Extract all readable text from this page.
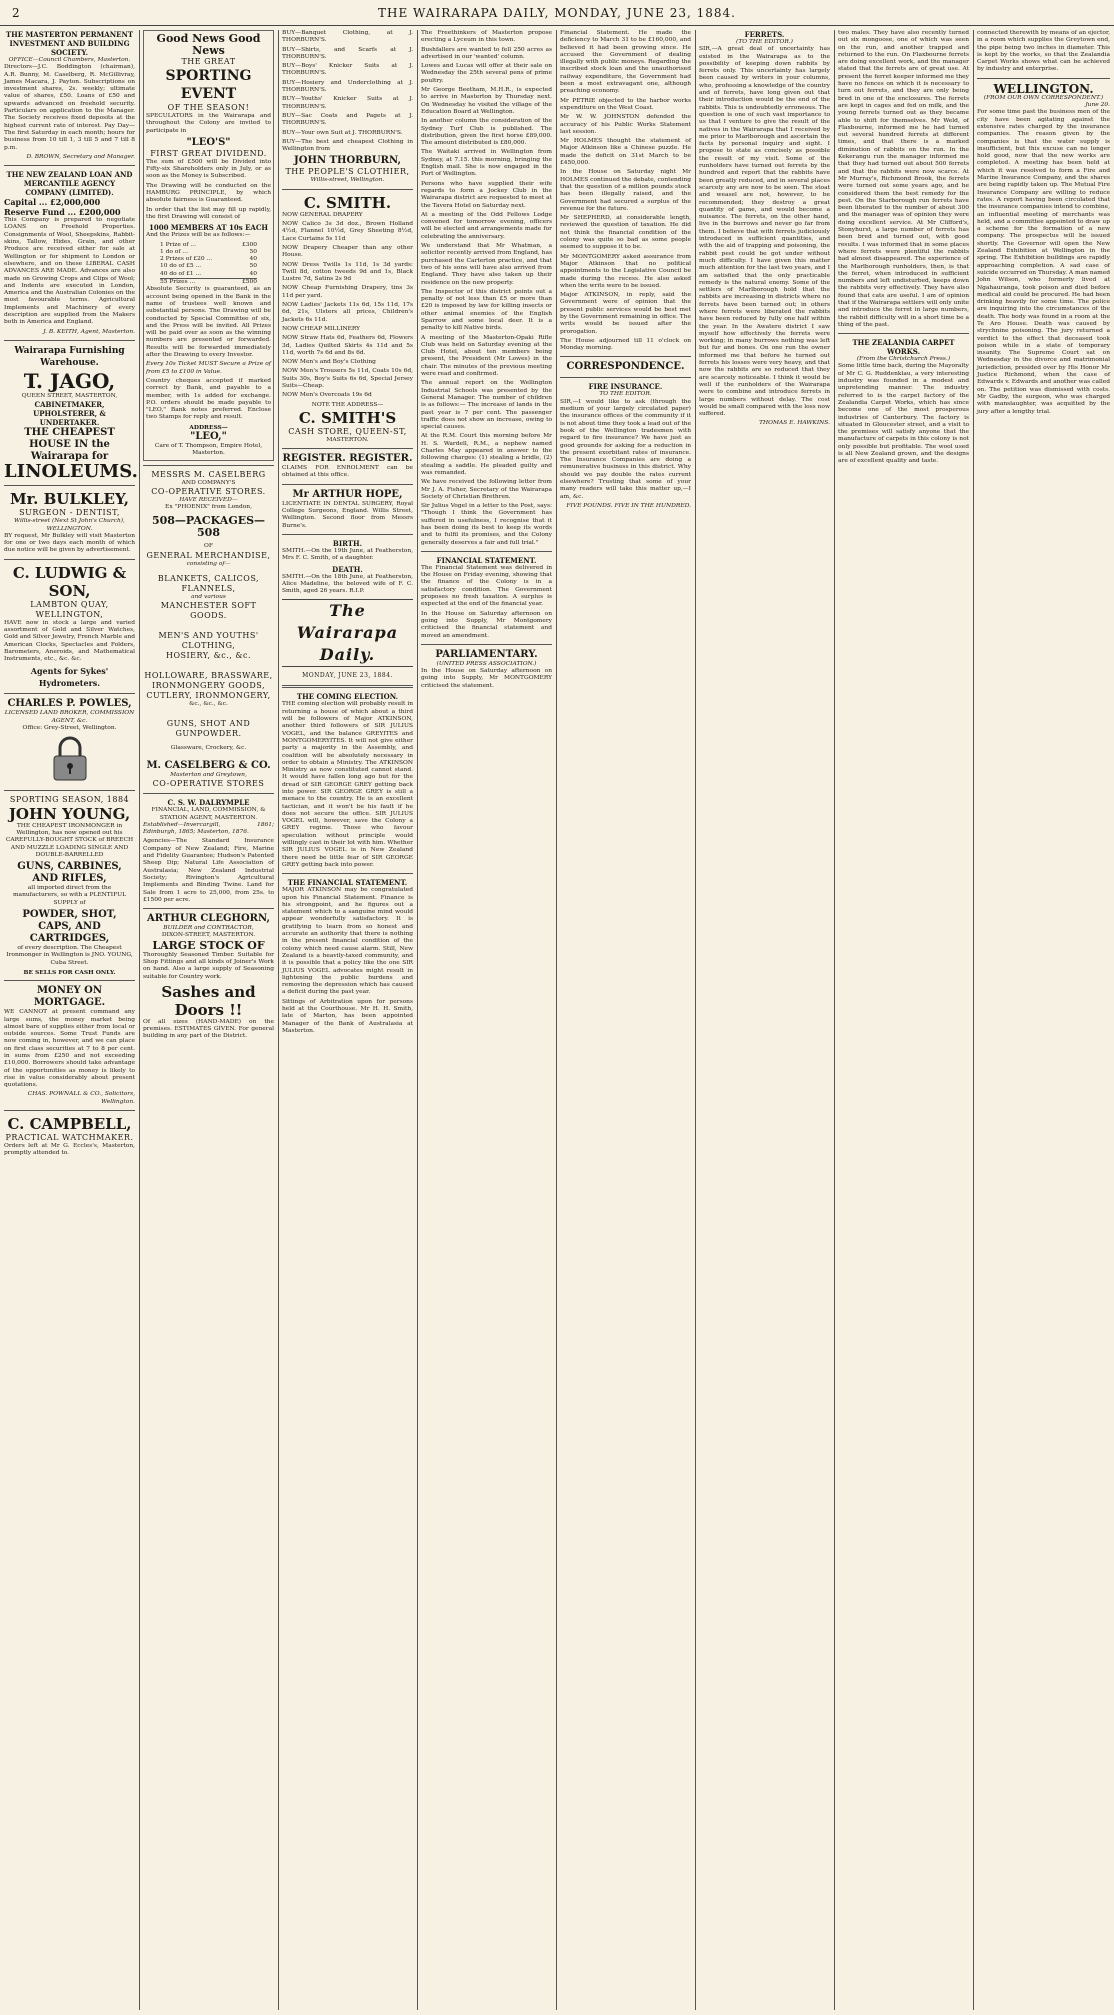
2	THE WAIRARAPA DAILY, MONDAY, JUNE 23, 1884.
THE MASTERTON PERMANENT INVESTMENT AND BUILDING SOCIETY.
OFFICE—Council Chambers, Masterton.

Directors—J.C. Boddington (chairman), A.R. Bunny, M. Caselberg, R. McGillivray, James Macara, J. Payton. Subscriptions on investment shares, 2s. weekly; ultimate value of shares, £50. Loans of £50 and upwards advanced on freehold security. Particulars on application to the Manager. The Society receives fixed deposits at the highest current rate of interest. Pay Day—The first Saturday in each month; hours for business from 10 till 1, 3 till 5 and 7 till 8 p.m.

D. BROWN, Secretary and Manager.
THE NEW ZEALAND LOAN AND MERCANTILE AGENCY COMPANY (LIMITED).
Capital ... £2,000,000
Reserve Fund ... £200,000

This Company is prepared to negotiate LOANS on Freehold Properties. Consignments of Wool, Sheepskins, Rabbit-skins, Tallow, Hides, Grain, and other Produce are received either for sale at Wellington or for shipment to London or elsewhere, and on these LIBERAL CASH ADVANCES ARE MADE. Advances are also made on Growing Crops and Clips of Wool; and Indents are executed in London, America and the Australian Colonies on the most favourable terms. Agricultural Implements and Machinery of every description are supplied from the Makers both in America and England.

J. B. KEITH, Agent, Masterton.
Wairarapa Furnishing Warehouse.
T. JAGO,
QUEEN STREET, MASTERTON,
CABINETMAKER, UPHOLSTERER, & UNDERTAKER.
THE CHEAPEST HOUSE IN the Wairarapa for
LINOLEUMS.
Mr. BULKLEY,
SURGEON - DENTIST,
Willis-street (Next St John's Church), WELLINGTON.

BY request, Mr Bulkley will visit Masterton for one or two days each month of which due notice will be given by advertisement.

C. LUDWIG & SON,
LAMBTON QUAY, WELLINGTON,

HAVE now in stock a large and varied assortment of Gold and Silver Watches, Gold and Silver Jewelry, French Marble and American Clocks, Spectacles and Folders, Barometers, Aneroids, and Mathematical Instruments, etc., &c. &c.

Agents for Sykes' Hydrometers.
CHARLES P. POWLES,
LICENSED LAND BROKER, COMMISSION AGENT, &c.
Office: Grey-Street, Wellington.
SPORTING SEASON, 1884
JOHN YOUNG,

THE CHEAPEST IRONMONGER in Wellington, has now opened out his CAREFULLY-BOUGHT STOCK of BREECH AND MUZZLE LOADING SINGLE AND DOUBLE-BARRELLED

GUNS, CARBINES, AND RIFLES,

all imported direct from the manufacturers, so with a PLENTIFUL SUPPLY of

POWDER, SHOT, CAPS, AND CARTRIDGES,

of every description. The Cheapest Ironmonger in Wellington is JNO. YOUNG, Cuba Street.

BE SELLS FOR CASH ONLY.
MONEY ON MORTGAGE.

WE CANNOT at present command any large sums, the money market being almost bare of supplies either from local or outside sources. Some Trust Funds are now coming in, however, and we can place on first class securities at 7 to 8 per cent. in sums from £250 and not exceeding £10,000. Borrowers should take advantage of the opportunities as money is likely to rise in value considerably about present quotations.

CHAS. POWNALL & CO., Solicitors, Wellington.
C. CAMPBELL,
PRACTICAL WATCHMAKER.

Orders left at Mr G. Eccles's, Masterton, promptly attended to.

Good News Good News
THE GREAT
SPORTING EVENT
OF THE SEASON!

SPECULATORS in the Wairarapa and throughout the Colony are invited to participate in

"LEO'S"
FIRST GREAT DIVIDEND.

The sum of £500 will be Divided into Fifty-six Shareholders only in July, or as soon as the Money is Subscribed.

The Drawing will be conducted on the HAMBURG PRINCIPLE, by which absolute fairness is Guaranteed.

In order that the list may fill up rapidly, the first Drawing will consist of

1000 MEMBERS AT 10s EACH

And the Prizes will be as follows:—

1 Prize of ...	£300
1 do of ...	50
2 Prizes of £20 ...	40
10 do of £5 ...	50
40 do of £1 ...	40
55 Prizes ...	£500

Absolute Security is guaranteed, as an account being opened in the Bank in the name of trustees well known and substantial persons. The Drawing will be conducted by Special Committee of six, and the Press will be invited. All Prizes will be paid over as soon as the winning numbers are presented or forwarded. Results will be forwarded immediately after the Drawing to every Investor.

Every 10s Ticket MUST Secure a Prize of from £5 to £100 in Value.

Country cheques accepted if marked correct by Bank, and payable to a member, with 1s added for exchange. P.O. orders should be made payable to "LEO," Bank notes preferred. Enclose two Stamps for reply and result.

ADDRESS—
"LEO,"
Care of T. Thompson, Empire Hotel, Masterton.
MESSRS M. CASELBERG
AND COMPANY'S
CO-OPERATIVE STORES.
HAVE RECEIVED—
Ex "PHOENIX" from London,
508—PACKAGES—508
OF
GENERAL MERCHANDISE,
consisting of—
BLANKETS, CALICOS, FLANNELS,
and various
MANCHESTER SOFT GOODS.
MEN'S AND YOUTHS' CLOTHING,
HOSIERY, &c., &c.
HOLLOWARE, BRASSWARE,
IRONMONGERY GOODS,
CUTLERY, IRONMONGERY,
&c., &c., &c.
GUNS, SHOT AND GUNPOWDER.
Glassware, Crockery, &c.
M. CASELBERG & CO.
Masterton and Greytown,
CO-OPERATIVE STORES
C. S. W. DALRYMPLE
FINANCIAL, LAND, COMMISSION, & STATION AGENT, MASTERTON.

Established—Invercargill, 1861; Edinburgh, 1865; Masterton, 1876.

Agencies—The Standard Insurance Company of New Zealand; Fire, Marine and Fidelity Guarantee; Hudson's Patented Sheep Dip; Natural Life Association of Australasia; New Zealand Industrial Society; Rivington's Agricultural Implements and Binding Twine. Land for Sale from 1 acre to 25,000, from 25s. to £1500 per acre.

ARTHUR CLEGHORN,
BUILDER and CONTRACTOR,
DIXON-STREET, MASTERTON.
LARGE STOCK OF

Thoroughly Seasoned Timber. Suitable for Shop Fittings and all kinds of Joiner's Work on hand. Also a large supply of Seasoning suitable for Country work.

Sashes and Doors !!

Of all sizes (HAND-MADE) on the premises. ESTIMATES GIVEN. For general building in any part of the District.

BUY—Banquet Clothing, at J. THORBURN'S.

BUY—Shirts, and Scarfs at J. THORBURN'S.

BUY—Boys' Knicker Suits at J. THORBURN'S.

BUY—Hosiery and Underclothing at J. THORBURN'S.

BUY—Youths' Knicker Suits at J. THORBURN'S.

BUY—Sac Coats and Pagets at J. THORBURN'S.

BUY—Your own Suit at J. THORBURN'S.

BUY—The best and cheapest Clothing in Wellington from

JOHN THORBURN,
THE PEOPLE'S CLOTHIER,
Willis-street, Wellington.
C. SMITH.

NOW GENERAL DRAPERY

NOW Calico 3s 3d doz., Brown Holland 4½d, Flannel 10½d, Grey Sheeting 8½d, Lace Curtains 5s 11d

NOW Drapery Cheaper than any other House.

NOW Dress Twills 1s 11d, 1s 3d yards: Twill 8d, cotton tweeds 9d and 1s, Black Lustre 7d, Satins 2s 9d

NOW Cheap Furnishing Drapery, tins 3s 11d per yard.

NOW Ladies' Jackets 11s 6d, 15s 11d, 17s 6d, 21s, Ulsters all prices, Children's Jackets 6s 11d.

NOW CHEAP MILLINERY

NOW Straw Hats 6d, Feathers 6d, Flowers 3d, Ladies Quilted Skirts 4s 11d and 5s 11d, worth 7s 6d and 8s 6d.

NOW Men's and Boy's Clothing

NOW Men's Trousers 5s 11d, Coats 10s 6d, Suits 30s, Boy's Suits 6s 6d, Special Jersey Suits—Cheap.

NOW Men's Overcoats 19s 6d

NOTE THE ADDRESS—
C. SMITH'S
CASH STORE, QUEEN-ST,
MASTERTON.
REGISTER. REGISTER.

CLAIMS FOR ENROLMENT can be obtained at this office.

Mr ARTHUR HOPE,

LICENTIATE IN DENTAL SURGERY, Royal College Surgeons, England. Willis Street, Wellington. Second floor from Messrs Burne's.

BIRTH.

SMITH.—On the 19th June, at Featherston, Mrs F. C. Smith, of a daughter.

DEATH.

SMITH.—On the 18th June, at Featherston, Alice Madeline, the beloved wife of F. C. Smith, aged 26 years. R.I.P.

The Wairarapa Daily.
MONDAY, JUNE 23, 1884.
THE COMING ELECTION.

THE coming election will probably result in returning a house of which about a third will be followers of Major ATKINSON, another third followers of SIR JULIUS VOGEL, and the balance GREYITES and MONTGOMERYITES. It will not give either party a majority in the Assembly, and coalition will be absolutely necessary in order to obtain a Ministry. The ATKINSON Ministry as now constituted cannot stand. It would have fallen long ago but for the dread of SIR GEORGE GREY getting back into power. SIR GEORGE GREY is still a menace to the country. He is an excellent tactician, and it won't be his fault if he does not secure the office. SIR JULIUS VOGEL will, however, save the Colony a GREY regime. Those who favour speculation without principle would willingly cast in their lot with him. Whether SIR JULIUS VOGEL is in New Zealand there need be little fear of SIR GEORGE GREY getting back into power.

THE FINANCIAL STATEMENT.

MAJOR ATKINSON may be congratulated upon his Financial Statement. Finance is his strongpoint, and he figures out a statement which to a sanguine mind would appear wonderfully satisfactory. It is gratifying to learn from so honest and accurate an authority that there is nothing in the present financial condition of the colony which need cause alarm. Still, New Zealand is a heavily-taxed community, and it is possible that a policy like the one SIR JULIUS VOGEL advocates might result in lightening the public burdens and removing the depression which has caused a deficit during the past year.

Sittings of Arbitration upon for persons held at the Courthouse. Mr H. H. Smith, late of Marton, has been appointed Manager of the Bank of Australasia at Masterton.

The Freethinkers of Masterton propose erecting a Lyceum in this town.

Bushfallers are wanted to fell 250 acres as advertised in our 'wanted' column.

Lowes and Lucas will offer at their sale on Wednesday the 25th several pens of prime poultry.

Mr George Beetham, M.H.R., is expected to arrive in Masterton by Thursday next. On Wednesday he visited the village of the Education Board at Wellington.

In another column the consideration of the Sydney Turf Club is published. The distribution, given the first horse £89,000. The amount distributed is £80,000.

The Waitaki arrived in Wellington from Sydney, at 7.15. this morning, bringing the English mail. She is now engaged in the Port of Wellington.

Persons who have supplied their wife regards to form a Jockey Club in the Wairarapa district are requested to meet at the Tavera Hotel on Saturday next.

At a meeting of the Odd Fellows Lodge convened for tomorrow evening, officers will be elected and arrangements made for celebrating the anniversary.

We understand that Mr Whatman, a solicitor recently arrived from England, has purchased the Carterton practice, and that two of his sons will have also arrived from England. They have also taken up their residence on the new property.

The Inspector of this district points out a penalty of not less than £5 or more than £20 is imposed by law for killing insects or other animal enemies of the English Sparrow and some local deer. It is a penalty to kill Native birds.

A meeting of the Masterton-Opaki Rifle Club was held on Saturday evening at the Club Hotel, about ten members being present, the President (Mr Lowes) in the chair. The minutes of the previous meeting were read and confirmed.

The annual report on the Wellington Industrial Schools was presented by the General Manager. The number of children is as follows:— The increase of lands in the past year is 7 per cent. The passenger traffic does not show an increase, owing to special causes.

At the R.M. Court this morning before Mr H. S. Wardell, R.M., a nephew named Charles May appeared in answer to the following charges: (1) stealing a bridle, (2) stealing a saddle. He pleaded guilty and was remanded.

We have received the following letter from Mr J. A. Fisher, Secretary of the Wairarapa Society of Christian Brethren.

Sir Julius Vogel in a letter to the Post, says: "Though I think the Government has suffered in usefulness, I recognise that it has been doing its best to keep its words and to fulfil its promises, and the Colony generally deserves a fair and full trial."

FINANCIAL STATEMENT.

The Financial Statement was delivered in the House on Friday evening, showing that the finance of the Colony is in a satisfactory condition. The Government proposes no fresh taxation. A surplus is expected at the end of the financial year.

In the House on Saturday afternoon on going into Supply, Mr Montgomery criticised the financial statement and moved an amendment.

PARLIAMENTARY.
(UNITED PRESS ASSOCIATION.)

In the House on Saturday afternoon on going into Supply, Mr MONTGOMERY criticised the statement.

Financial Statement. He made the deficiency to March 31 to be £160,000, and believed it had been growing since. He accused the Government of dealing illegally with public moneys. Regarding the inscribed stock loan and the unauthorised railway expenditure, the Government had been a most extravagant one, although preaching economy.

Mr PETRIE objected to the harbor works expenditure on the West Coast.

Mr W. W. JOHNSTON defended the accuracy of his Public Works Statement last session.

Mr HOLMES thought the statement of Major Atkinson like a Chinese puzzle. He made the deficit on 31st March to be £450,000.

In the House on Saturday night Mr HOLMES continued the debate, contending that the question of a million pounds stock has been illegally raised, and the Government had secured a surplus of the revenue for the future.

Mr SHEPHERD, at considerable length, reviewed the question of taxation. He did not think the financial condition of the colony was quite so bad as some people seemed to suppose it to be.

Mr MONTGOMERY asked assurance from Major Atkinson that no political appointments to the Legislative Council be made during the recess. He also asked when the writs were to be issued.

Major ATKINSON, in reply, said the Government were of opinion that the present public services would be best met by the Government remaining in office. The writs would be issued after the prorogation.

The House adjourned till 11 o'clock on Monday morning.

CORRESPONDENCE.
FIRE INSURANCE.
TO THE EDITOR.

SIR,—I would like to ask (through the medium of your largely circulated paper) the insurance offices of the community if it is not about time they took a lead out of the book of the Wellington tradesmen with regard to fire insurance? We have just as good grounds for asking for a reduction in the present exorbitant rates of insurance. The Insurance Companies are doing a remunerative business in this district. Why should we pay double the rates current elsewhere? Trusting that some of your many readers will take this matter up,—I am, &c.

FIVE POUNDS. FIVE IN THE HUNDRED.
FERRETS.
(TO THE EDITOR.)

SIR,—A great deal of uncertainty has existed in the Wairarapa as to the possibility of keeping down rabbits by ferrets only. This uncertainty has largely been caused by writers in your columns, who, professing a knowledge of the country and of ferrets, have long given out that their introduction would be the end of the rabbits. This is undoubtedly erroneous. The question is one of such vast importance to us that I venture to give the result of the natives in the Wairarapa that I received by me prior to Marlborough and ascertain the facts by personal inquiry and sight. I propose to state as concisely as possible the result of my visit. Some of the runholders have turned out ferrets by the hundred and report that the rabbits have been greatly reduced, and in several places scarcely any are now to be seen. The stoat and weasel are not, however, to be recommended; they destroy a great quantity of game, and would become a nuisance. The ferrets, on the other hand, live in the burrows and never go far from them. I believe that with ferrets judiciously introduced in sufficient quantities, and with the aid of trapping and poisoning, the rabbit pest could be got under without much difficulty. I have given this matter much attention for the last two years, and I am satisfied that the only practicable remedy is the natural enemy. Some of the settlers of Marlborough hold that the rabbits are increasing in districts where no ferrets have been turned out; in others where ferrets were liberated the rabbits have been reduced by fully one half within the year. In the Awatere district I saw myself how effectively the ferrets were working; in many burrows nothing was left but fur and bones. On one run the owner informed me that before he turned out ferrets his losses were very heavy, and that now the rabbits are so reduced that they are scarcely noticeable. I think it would be well if the runholders of the Wairarapa were to combine and introduce ferrets in large numbers without delay. The cost would be small compared with the loss now suffered.

THOMAS E. HAWKINS.

two males. They have also recently turned out six mongoose, one of which was seen on the run, and another trapped and returned to the run. On Flaxbourne ferrets are doing excellent work, and the manager stated that the ferrets are of great use. At present the ferret keeper informed me they have no fences on which it is necessary to turn out ferrets, and they are only being bred in one of the enclosures. The ferrets are kept in cages and fed on milk, and the young ferrets turned out as they became able to shift for themselves. Mr Weld, of Flaxbourne, informed me he had turned out several hundred ferrets at different times, and that there is a marked diminution of rabbits on the run. In the Kekerangu run the manager informed me that they had turned out about 500 ferrets and that the rabbits were now scarce. At Mr Murray's, Richmond Brook, the ferrets were turned out some years ago, and he considered them the best remedy for the pest. On the Starborough run ferrets have been liberated to the number of about 300 and the manager was of opinion they were doing excellent service. At Mr Clifford's, Stonyhurst, a large number of ferrets has been bred and turned out, with good results. I was informed that in some places where ferrets were plentiful the rabbits had almost disappeared. The experience of the Marlborough runholders, then, is that the ferret, when introduced in sufficient numbers and left undisturbed, keeps down the rabbits very effectively. They have also found that cats are useful. I am of opinion that if the Wairarapa settlers will only unite and introduce the ferret in large numbers, the rabbit difficulty will in a short time be a thing of the past.

THE ZEALANDIA CARPET WORKS.
(From the Christchurch Press.)

Some little time back, during the Mayoralty of Mr C. G. Ruddenklau, a very interesting industry was founded in a modest and unpretending manner. The industry referred to is the carpet factory of the Zealandia Carpet Works, which has since become one of the most prosperous industries of Canterbury. The factory is situated in Gloucester street, and a visit to the premises will satisfy anyone that the manufacture of carpets in this colony is not only possible but profitable. The wool used is all New Zealand grown, and the designs are of excellent quality and taste.

connected therewith by means of an ejector, in a room which supplies the Greytown end, the pipe being two inches in diameter. This is kept by the works, so that the Zealandia Carpet Works shows what can be achieved by industry and enterprise.

WELLINGTON.
(FROM OUR OWN CORRESPONDENT.)
June 20.

For some time past the business men of the city have been agitating against the extensive rates charged by the insurance companies. The reason given by the companies is that the water supply is insufficient, but this excuse can no longer hold good, now that the new works are completed. A meeting has been held at which it was resolved to form a Fire and Marine Insurance Company, and the shares are being rapidly taken up. The Mutual Fire Insurance Company are willing to reduce rates. A report having been circulated that the insurance companies intend to combine, an influential meeting of merchants was held, and a committee appointed to draw up a scheme for the formation of a new company. The prospectus will be issued shortly. The Governor will open the New Zealand Exhibition at Wellington in the spring. The Exhibition buildings are rapidly approaching completion. A sad case of suicide occurred on Thursday. A man named John Wilson, who formerly lived at Ngahauranga, took poison and died before medical aid could be procured. He had been drinking heavily for some time. The police are inquiring into the circumstances of the death. The body was found in a room at the Te Aro House. Death was caused by strychnine poisoning. The jury returned a verdict to the effect that deceased took poison while in a state of temporary insanity. The Supreme Court sat on Wednesday in the divorce and matrimonial jurisdiction, presided over by His Honor Mr Justice Richmond, when the case of Edwards v. Edwards and another was called on. The petition was dismissed with costs. Mr Gadby, the surgeon, who was charged with manslaughter, was acquitted by the jury after a lengthy trial.
